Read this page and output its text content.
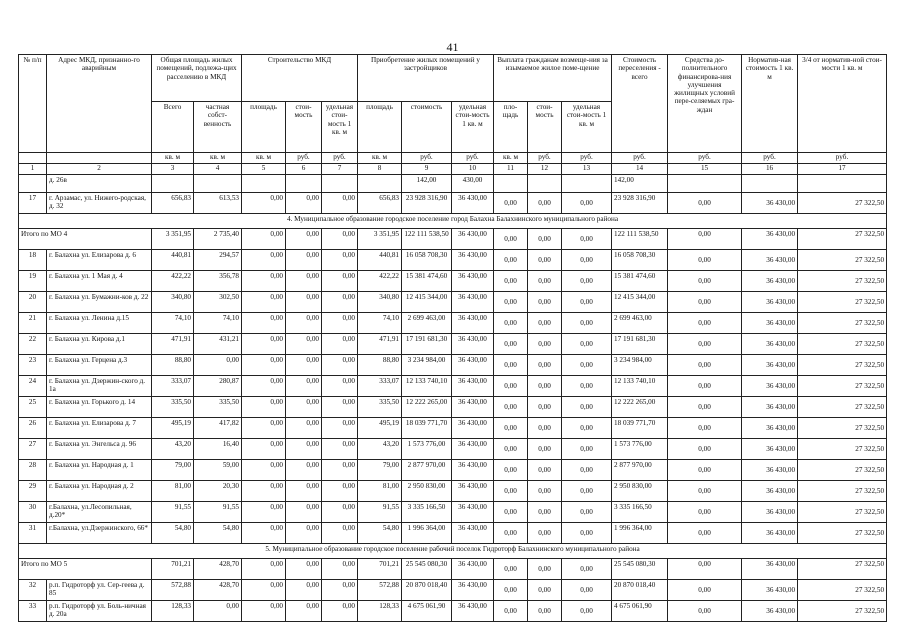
41
№ п/п	Адрес МКД, признанно-го аварийным	Общая площадь жилых помещений, подлежа-щих расселению в МКД		Строительство МКД			Приобретение жилых помещений у застройщиков			Выплата гражданам возмеще-ния за изымаемое жилое поме-щение			Стоимость переселения - всего	Средства до-полнительного финансирова-ния улучшения жилищных условий пере-селяемых гра-ждан	Норматив-ная стоимость 1 кв. м	3/4 от норматив-ной стои-мости 1 кв. м
		Всего	частная собст-венность	площадь	стои-мость	удельная стои-мость 1 кв. м	площадь	стоимость	удельная стои-мость 1 кв. м	пло-щадь	стои-мость	удельная стои-мость 1 кв. м				
		кв. м	кв. м	кв. м	руб.	руб.	кв. м	руб.	руб.	кв. м	руб.	руб.	руб.	руб.	руб.	руб.
1	2	3	4	5	6	7	8	9	10	11	12	13	14	15	16	17
	д. 26в							142,00	430,00				142,00			
17	г. Арзамас, ул. Нижего-родская, д. 32	656,83	613,53	0,00	0,00	0,00	656,83	23 928 316,90	36 430,00	0,00	0,00	0,00	23 928 316,90	0,00	36 430,00	27 322,50
4. Муниципальное образование городское поселение город Балахна Балахнинского муниципального района																
Итого по МО 4		3 351,95	2 735,40	0,00	0,00	0,00	3 351,95	122 111 538,50	36 430,00	0,00	0,00	0,00	122 111 538,50	0,00	36 430,00	27 322,50
18	г. Балахна ул. Елизарова д. 6	440,81	294,57	0,00	0,00	0,00	440,81	16 058 708,30	36 430,00	0,00	0,00	0,00	16 058 708,30	0,00	36 430,00	27 322,50
19	г. Балахна ул. 1 Мая д. 4	422,22	356,78	0,00	0,00	0,00	422,22	15 381 474,60	36 430,00	0,00	0,00	0,00	15 381 474,60	0,00	36 430,00	27 322,50
20	г. Балахна ул. Бумажни-ков д. 22	340,80	302,50	0,00	0,00	0,00	340,80	12 415 344,00	36 430,00	0,00	0,00	0,00	12 415 344,00	0,00	36 430,00	27 322,50
21	г. Балахна ул. Ленина д.15	74,10	74,10	0,00	0,00	0,00	74,10	2 699 463,00	36 430,00	0,00	0,00	0,00	2 699 463,00	0,00	36 430,00	27 322,50
22	г. Балахна ул. Кирова д.1	471,91	431,21	0,00	0,00	0,00	471,91	17 191 681,30	36 430,00	0,00	0,00	0,00	17 191 681,30	0,00	36 430,00	27 322,50
23	г. Балахна ул. Герцена д.3	88,80	0,00	0,00	0,00	0,00	88,80	3 234 984,00	36 430,00	0,00	0,00	0,00	3 234 984,00	0,00	36 430,00	27 322,50
24	г. Балахна ул. Дзержин-ского д. 1а	333,07	280,87	0,00	0,00	0,00	333,07	12 133 740,10	36 430,00	0,00	0,00	0,00	12 133 740,10	0,00	36 430,00	27 322,50
25	г. Балахна ул. Горького д. 14	335,50	335,50	0,00	0,00	0,00	335,50	12 222 265,00	36 430,00	0,00	0,00	0,00	12 222 265,00	0,00	36 430,00	27 322,50
26	г. Балахна ул. Елизарова д. 7	495,19	417,82	0,00	0,00	0,00	495,19	18 039 771,70	36 430,00	0,00	0,00	0,00	18 039 771,70	0,00	36 430,00	27 322,50
27	г. Балахна ул. Энгельса д. 96	43,20	16,40	0,00	0,00	0,00	43,20	1 573 776,00	36 430,00	0,00	0,00	0,00	1 573 776,00	0,00	36 430,00	27 322,50
28	г. Балахна ул. Народная д. 1	79,00	59,00	0,00	0,00	0,00	79,00	2 877 970,00	36 430,00	0,00	0,00	0,00	2 877 970,00	0,00	36 430,00	27 322,50
29	г. Балахна ул. Народная д. 2	81,00	20,30	0,00	0,00	0,00	81,00	2 950 830,00	36 430,00	0,00	0,00	0,00	2 950 830,00	0,00	36 430,00	27 322,50
30	г.Балахна, ул.Лесопильная, д.20*	91,55	91,55	0,00	0,00	0,00	91,55	3 335 166,50	36 430,00	0,00	0,00	0,00	3 335 166,50	0,00	36 430,00	27 322,50
31	г.Балахна, ул.Дзержинского, 66*	54,80	54,80	0,00	0,00	0,00	54,80	1 996 364,00	36 430,00	0,00	0,00	0,00	1 996 364,00	0,00	36 430,00	27 322,50
5. Муниципальное образование городское поселение рабочий поселок Гидроторф Балахнинского муниципального района																
Итого по МО 5		701,21	428,70	0,00	0,00	0,00	701,21	25 545 080,30	36 430,00	0,00	0,00	0,00	25 545 080,30	0,00	36 430,00	27 322,50
32	р.п. Гидроторф ул. Сер-геева д. 85	572,88	428,70	0,00	0,00	0,00	572,88	20 870 018,40	36 430,00	0,00	0,00	0,00	20 870 018,40	0,00	36 430,00	27 322,50
33	р.п. Гидроторф ул. Боль-ничная д. 20а	128,33	0,00	0,00	0,00	0,00	128,33	4 675 061,90	36 430,00	0,00	0,00	0,00	4 675 061,90	0,00	36 430,00	27 322,50
